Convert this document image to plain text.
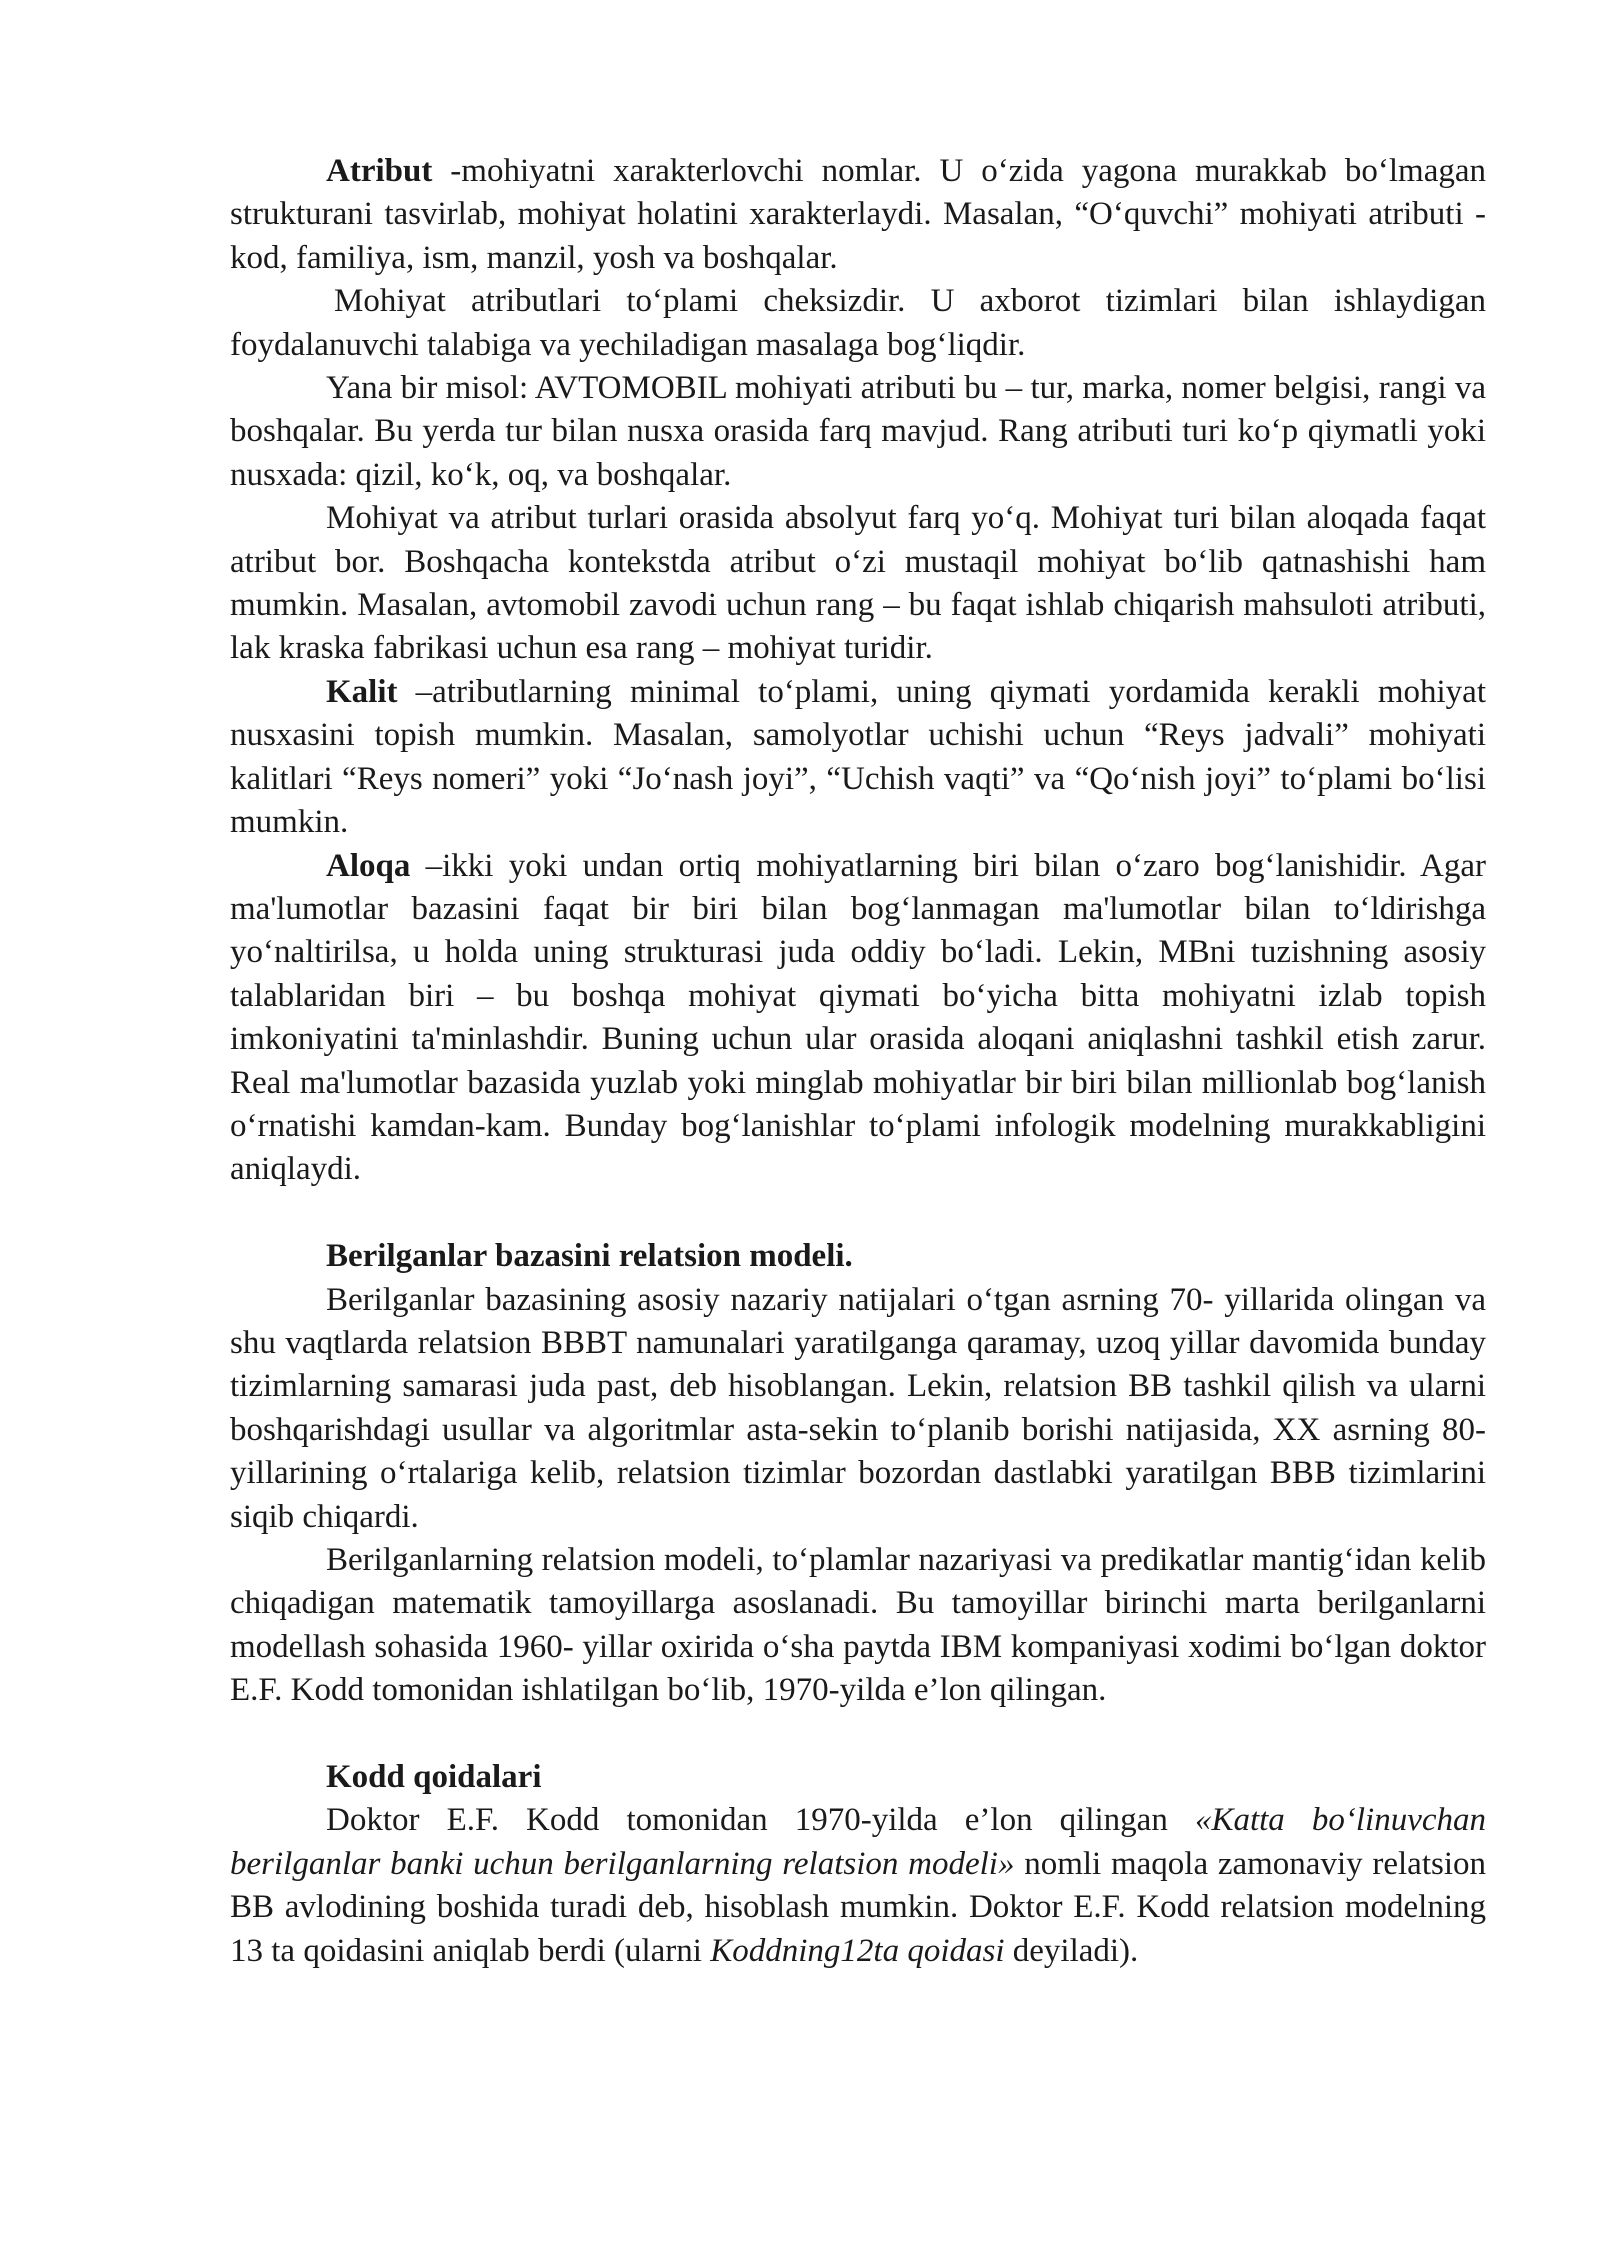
Atribut -mohiyatni xarakterlovchi nomlar. U o‘zida yagona murakkab bo‘lmagan strukturani tasvirlab, mohiyat holatini xarakterlaydi. Masalan, “O‘quvchi” mohiyati atributi -kod, familiya, ism, manzil, yosh va boshqalar.

Mohiyat atributlari to‘plami cheksizdir. U axborot tizimlari bilan ishlaydigan foydalanuvchi talabiga va yechiladigan masalaga bog‘liqdir.

Yana bir misol: AVTOMOBIL mohiyati atributi bu – tur, marka, nomer belgisi, rangi va boshqalar. Bu yerda tur bilan nusxa orasida farq mavjud. Rang atributi turi ko‘p qiymatli yoki nusxada: qizil, ko‘k, oq, va boshqalar.

Mohiyat va atribut turlari orasida absolyut farq yo‘q. Mohiyat turi bilan aloqada faqat atribut bor. Boshqacha kontekstda atribut o‘zi mustaqil mohiyat bo‘lib qatnashishi ham mumkin. Masalan, avtomobil zavodi uchun rang – bu faqat ishlab chiqarish mahsuloti atributi, lak kraska fabrikasi uchun esa rang – mohiyat turidir.

Kalit –atributlarning minimal to‘plami, uning qiymati yordamida kerakli mohiyat nusxasini topish mumkin. Masalan, samolyotlar uchishi uchun “Reys jadvali” mohiyati kalitlari “Reys nomeri” yoki “Jo‘nash joyi”, “Uchish vaqti” va “Qo‘nish joyi” to‘plami bo‘lisi mumkin.

Aloqa –ikki yoki undan ortiq mohiyatlarning biri bilan o‘zaro bog‘lanishidir. Agar ma'lumotlar bazasini faqat bir biri bilan bog‘lanmagan ma'lumotlar bilan to‘ldirishga yo‘naltirilsa, u holda uning strukturasi juda oddiy bo‘ladi. Lekin, MBni tuzishning asosiy talablaridan biri – bu boshqa mohiyat qiymati bo‘yicha bitta mohiyatni izlab topish imkoniyatini ta'minlashdir. Buning uchun ular orasida aloqani aniqlashni tashkil etish zarur. Real ma'lumotlar bazasida yuzlab yoki minglab mohiyatlar bir biri bilan millionlab bog‘lanish o‘rnatishi kamdan-kam. Bunday bog‘lanishlar to‘plami infologik modelning murakkabligini aniqlaydi.

Berilganlar bazasini relatsion modeli.

Berilganlar bazasining asosiy nazariy natijalari o‘tgan asrning 70- yillarida olingan va shu vaqtlarda relatsion BBBT namunalari yaratilganga qaramay, uzoq yillar davomida bunday tizimlarning samarasi juda past, deb hisoblangan. Lekin, relatsion BB tashkil qilish va ularni boshqarishdagi usullar va algoritmlar asta-sekin to‘planib borishi natijasida, XX asrning 80- yillarining o‘rtalariga kelib, relatsion tizimlar bozordan dastlabki yaratilgan BBB tizimlarini siqib chiqardi.

Berilganlarning relatsion modeli, to‘plamlar nazariyasi va predikatlar mantig‘idan kelib chiqadigan matematik tamoyillarga asoslanadi. Bu tamoyillar birinchi marta berilganlarni modellash sohasida 1960- yillar oxirida o‘sha paytda IBM kompaniyasi xodimi bo‘lgan doktor E.F. Kodd tomonidan ishlatilgan bo‘lib, 1970-yilda e’lon qilingan.

Kodd qoidalari

Doktor E.F. Kodd tomonidan 1970-yilda e’lon qilingan «Katta bo‘linuvchan berilganlar banki uchun berilganlarning relatsion modeli» nomli maqola zamonaviy relatsion BB avlodining boshida turadi deb, hisoblash mumkin. Doktor E.F. Kodd relatsion modelning 13 ta qoidasini aniqlab berdi (ularni Koddning12ta qoidasi deyiladi).
